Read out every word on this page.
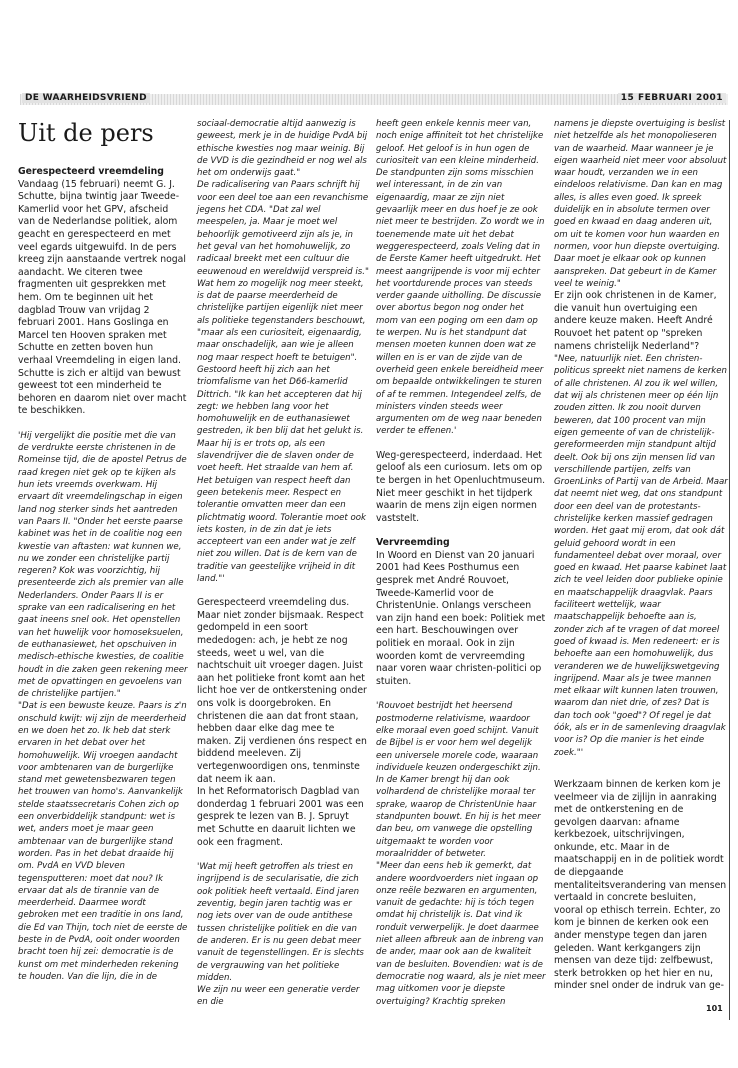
DE WAARHEIDSVRIEND	15 FEBRUARI 2001

Uit de pers

Gerespecteerd vreemdeling

Vandaag (15 februari) neemt G. J. Schutte, bijna twintig jaar Tweede-Kamerlid voor het GPV, afscheid van de Nederlandse politiek, alom geacht en gerespecteerd en met veel egards uitgewuifd. In de pers kreeg zijn aanstaande vertrek nogal aandacht. We citeren twee fragmenten uit gesprekken met hem. Om te beginnen uit het dagblad Trouw van vrijdag 2 februari 2001. Hans Goslinga en Marcel ten Hooven spraken met Schutte en zetten boven hun verhaal Vreemdeling in eigen land. Schutte is zich er altijd van bewust geweest tot een minderheid te behoren en daarom niet over macht te beschikken.

'Hij vergelijkt die positie met die van de verdrukte eerste christenen in de Romeinse tijd, die de apostel Petrus de raad kregen niet gek op te kijken als hun iets vreemds overkwam. Hij ervaart dit vreemdelingschap in eigen land nog sterker sinds het aantreden van Paars II. "Onder het eerste paarse kabinet was het in de coalitie nog een kwestie van aftasten: wat kunnen we, nu we zonder een christelijke partij regeren? Kok was voorzichtig, hij presenteerde zich als premier van alle Nederlanders. Onder Paars II is er sprake van een radicalisering en het gaat ineens snel ook. Het openstellen van het huwelijk voor homoseksuelen, de euthanasiewet, het opschuiven in medisch-ethische kwesties, de coalitie houdt in die zaken geen rekening meer met de opvattingen en gevoelens van de christelijke partijen."

"Dat is een bewuste keuze. Paars is z'n onschuld kwijt: wij zijn de meerderheid en we doen het zo. Ik heb dat sterk ervaren in het debat over het homohuwelijk. Wij vroegen aandacht voor ambtenaren van de burgerlijke stand met gewetensbezwaren tegen het trouwen van homo's. Aanvankelijk stelde staatssecretaris Cohen zich op een onverbiddelijk standpunt: wet is wet, anders moet je maar geen ambtenaar van de burgerlijke stand worden. Pas in het debat draaide hij om. PvdA en VVD bleven tegensputteren: moet dat nou? Ik ervaar dat als de tirannie van de meerderheid. Daarmee wordt gebroken met een traditie in ons land, die Ed van Thijn, toch niet de eerste de beste in de PvdA, ooit onder woorden bracht toen hij zei: democratie is de kunst om met minderheden rekening te houden. Van die lijn, die in de

sociaal-democratie altijd aanwezig is geweest, merk je in de huidige PvdA bij ethische kwesties nog maar weinig. Bij de VVD is die gezindheid er nog wel als het om onderwijs gaat."

De radicalisering van Paars schrijft hij voor een deel toe aan een revanchisme jegens het CDA. "Dat zal wel meespelen, ja. Maar je moet wel behoorlijk gemotiveerd zijn als je, in het geval van het homohuwelijk, zo radicaal breekt met een cultuur die eeuwenoud en wereldwijd verspreid is."

Wat hem zo mogelijk nog meer steekt, is dat de paarse meerderheid de christelijke partijen eigenlijk niet meer als politieke tegenstanders beschouwt, "maar als een curiositeit, eigenaardig, maar onschadelijk, aan wie je alleen nog maar respect hoeft te betuigen".

Gestoord heeft hij zich aan het triomfalisme van het D66-kamerlid Dittrich. "Ik kan het accepteren dat hij zegt: we hebben lang voor het homohuwelijk en de euthanasiewet gestreden, ik ben blij dat het gelukt is. Maar hij is er trots op, als een slavendrijver die de slaven onder de voet heeft. Het straalde van hem af. Het betuigen van respect heeft dan geen betekenis meer. Respect en tolerantie omvatten meer dan een plichtmatig woord. Tolerantie moet ook iets kosten, in de zin dat je iets accepteert van een ander wat je zelf niet zou willen. Dat is de kern van de traditie van geestelijke vrijheid in dit land."'

Gerespecteerd vreemdeling dus. Maar niet zonder bijsmaak. Respect gedompeld in een soort mededogen: ach, je hebt ze nog steeds, weet u wel, van die nachtschuit uit vroeger dagen. Juist aan het politieke front komt aan het licht hoe ver de ontkerstening onder ons volk is doorgebroken. En christenen die aan dat front staan, hebben daar elke dag mee te maken. Zij verdienen óns respect en biddend meeleven. Zij vertegenwoordigen ons, tenminste dat neem ik aan.

In het Reformatorisch Dagblad van donderdag 1 februari 2001 was een gesprek te lezen van B. J. Spruyt met Schutte en daaruit lichten we ook een fragment.

'Wat mij heeft getroffen als triest en ingrijpend is de secularisatie, die zich ook politiek heeft vertaald. Eind jaren zeventig, begin jaren tachtig was er nog iets over van de oude antithese tussen christelijke politiek en die van de anderen. Er is nu geen debat meer vanuit de tegenstellingen. Er is slechts de vergrauwing van het politieke midden.

We zijn nu weer een generatie verder en die

heeft geen enkele kennis meer van, noch enige affiniteit tot het christelijke geloof. Het geloof is in hun ogen de curiositeit van een kleine minderheid. De standpunten zijn soms misschien wel interessant, in de zin van eigenaardig, maar ze zijn niet gevaarlijk meer en dus hoef je ze ook niet meer te bestrijden. Zo wordt we in toenemende mate uit het debat weggerespecteerd, zoals Veling dat in de Eerste Kamer heeft uitgedrukt. Het meest aangrijpende is voor mij echter het voortdurende proces van steeds verder gaande uitholling. De discussie over abortus begon nog onder het mom van een poging om een dam op te werpen. Nu is het standpunt dat mensen moeten kunnen doen wat ze willen en is er van de zijde van de overheid geen enkele bereidheid meer om bepaalde ontwikkelingen te sturen of af te remmen. Integendeel zelfs, de ministers vinden steeds weer argumenten om de weg naar beneden verder te effenen.'

Weg-gerespecteerd, inderdaad. Het geloof als een curiosum. Iets om op te bergen in het Openluchtmuseum. Niet meer geschikt in het tijdperk waarin de mens zijn eigen normen vaststelt.

Vervreemding

In Woord en Dienst van 20 januari 2001 had Kees Posthumus een gesprek met André Rouvoet, Tweede-Kamerlid voor de ChristenUnie. Onlangs verscheen van zijn hand een boek: Politiek met een hart. Beschouwingen over politiek en moraal. Ook in zijn woorden komt de vervreemding naar voren waar christen-politici op stuiten.

'Rouvoet bestrijdt het heersend postmoderne relativisme, waardoor elke moraal even goed schijnt. Vanuit de Bijbel is er voor hem wel degelijk een universele morele code, waaraan individuele keuzen ondergeschikt zijn. In de Kamer brengt hij dan ook volhardend de christelijke moraal ter sprake, waarop de ChristenUnie haar standpunten bouwt. En hij is het meer dan beu, om vanwege die opstelling uitgemaakt te worden voor moraalridder of betweter.

"Meer dan eens heb ik gemerkt, dat andere woordvoerders niet ingaan op onze reële bezwaren en argumenten, vanuit de gedachte: hij is tóch tegen omdat hij christelijk is. Dat vind ik ronduit verwerpelijk. Je doet daarmee niet alleen afbreuk aan de inbreng van de ander, maar ook aan de kwaliteit van de besluiten. Bovendien: wat is de democratie nog waard, als je niet meer mag uitkomen voor je diepste overtuiging? Krachtig spreken

namens je diepste overtuiging is beslist niet hetzelfde als het monopolieseren van de waarheid. Maar wanneer je je eigen waarheid niet meer voor absoluut waar houdt, verzanden we in een eindeloos relativisme. Dan kan en mag alles, is alles even goed. Ik spreek duidelijk en in absolute termen over goed en kwaad en daag anderen uit, om uit te komen voor hun waarden en normen, voor hun diepste overtuiging. Daar moet je elkaar ook op kunnen aanspreken. Dat gebeurt in de Kamer veel te weinig."

Er zijn ook christenen in de Kamer, die vanuit hun overtuiging een andere keuze maken. Heeft André Rouvoet het patent op "spreken namens christelijk Nederland"?

"Nee, natuurlijk niet. Een christen-politicus spreekt niet namens de kerken of alle christenen. Al zou ik wel willen, dat wij als christenen meer op één lijn zouden zitten. Ik zou nooit durven beweren, dat 100 procent van mijn eigen gemeente of van de christelijk-gereformeerden mijn standpunt altijd deelt. Ook bij ons zijn mensen lid van verschillende partijen, zelfs van GroenLinks of Partij van de Arbeid. Maar dat neemt niet weg, dat ons standpunt door een deel van de protestants-christelijke kerken massief gedragen worden. Het gaat mij erom, dat ook dát geluid gehoord wordt in een fundamenteel debat over moraal, over goed en kwaad. Het paarse kabinet laat zich te veel leiden door publieke opinie en maatschappelijk draagvlak. Paars faciliteert wettelijk, waar maatschappelijk behoefte aan is, zonder zich af te vragen of dat moreel goed of kwaad is. Men redeneert: er is behoefte aan een homohuwelijk, dus veranderen we de huwelijkswetgeving ingrijpend. Maar als je twee mannen met elkaar wilt kunnen laten trouwen, waarom dan niet drie, of zes? Dat is dan toch ook "goed"? Of regel je dat óók, als er in de samenleving draagvlak voor is? Op die manier is het einde zoek."'

Werkzaam binnen de kerken kom je veelmeer via de zijlijn in aanraking met de ontkerstening en de gevolgen daarvan: afname kerkbezoek, uitschrijvingen, onkunde, etc. Maar in de maatschappij en in de politiek wordt de diepgaande mentaliteitsverandering van mensen vertaald in concrete besluiten, vooral op ethisch terrein. Echter, zo kom je binnen de kerken ook een ander menstype tegen dan jaren geleden. Want kerkgangers zijn mensen van deze tijd: zelfbewust, sterk betrokken op het hier en nu, minder snel onder de indruk van ge-

101
